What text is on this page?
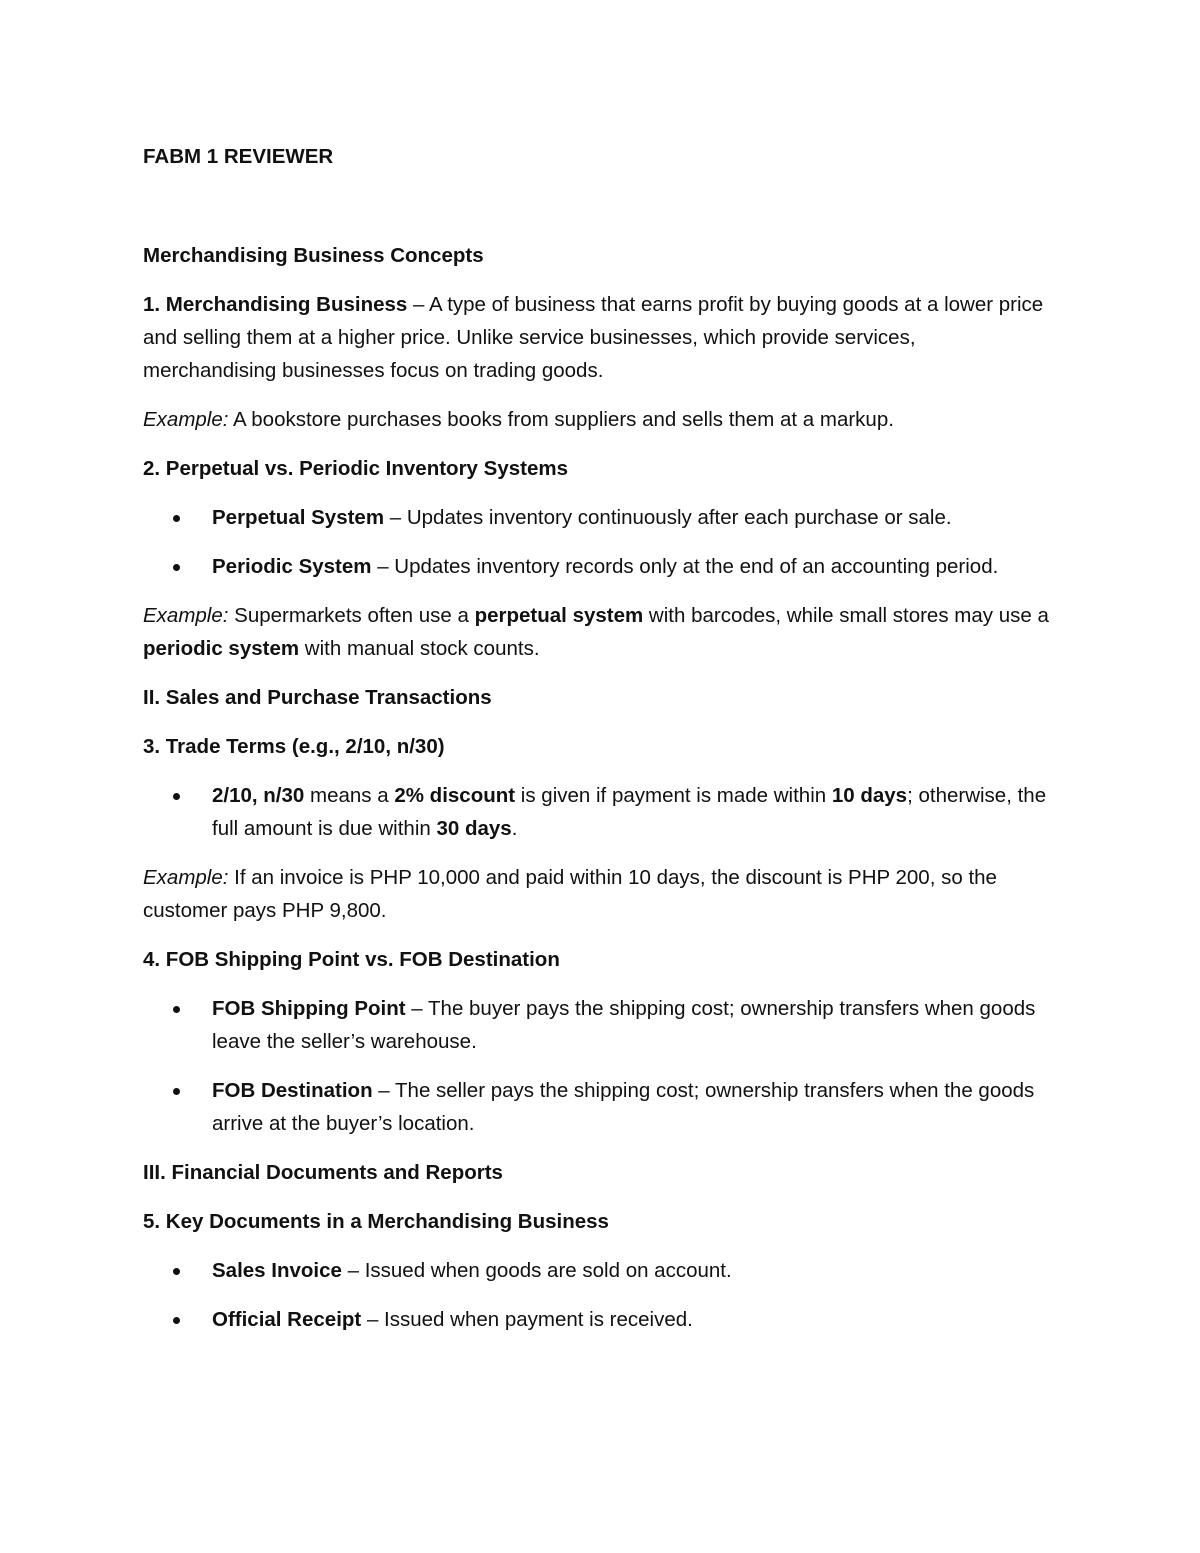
FABM 1 REVIEWER

Merchandising Business Concepts

1. Merchandising Business – A type of business that earns profit by buying goods at a lower price and selling them at a higher price. Unlike service businesses, which provide services, merchandising businesses focus on trading goods.

Example: A bookstore purchases books from suppliers and sells them at a markup.

2. Perpetual vs. Periodic Inventory Systems

Perpetual System – Updates inventory continuously after each purchase or sale.
Periodic System – Updates inventory records only at the end of an accounting period.

Example: Supermarkets often use a perpetual system with barcodes, while small stores may use a periodic system with manual stock counts.

II. Sales and Purchase Transactions

3. Trade Terms (e.g., 2/10, n/30)

2/10, n/30 means a 2% discount is given if payment is made within 10 days; otherwise, the full amount is due within 30 days.

Example: If an invoice is PHP 10,000 and paid within 10 days, the discount is PHP 200, so the customer pays PHP 9,800.

4. FOB Shipping Point vs. FOB Destination

FOB Shipping Point – The buyer pays the shipping cost; ownership transfers when goods leave the seller’s warehouse.
FOB Destination – The seller pays the shipping cost; ownership transfers when the goods arrive at the buyer’s location.

III. Financial Documents and Reports

5. Key Documents in a Merchandising Business

Sales Invoice – Issued when goods are sold on account.
Official Receipt – Issued when payment is received.
